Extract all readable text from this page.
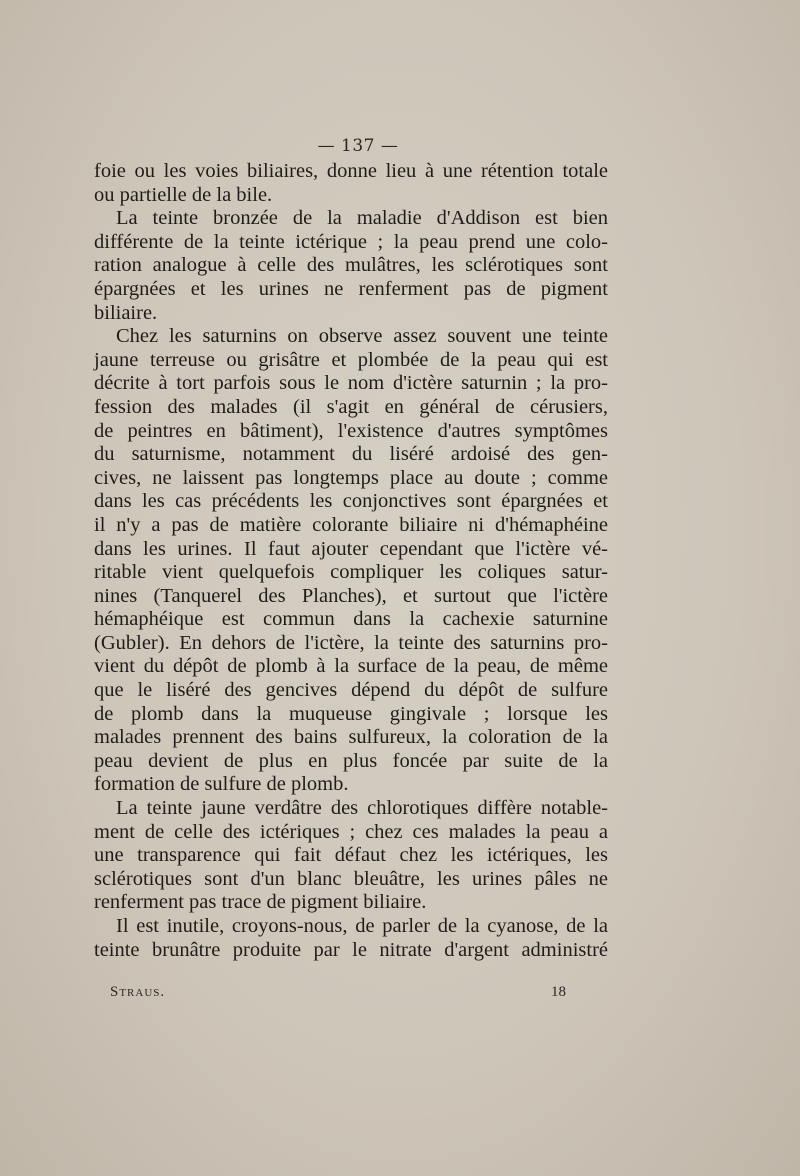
— 137 —
foie ou les voies biliaires, donne lieu à une rétention totale
ou partielle de la bile.
La teinte bronzée de la maladie d'Addison est bien
différente de la teinte ictérique ; la peau prend une colo-
ration analogue à celle des mulâtres, les sclérotiques sont
épargnées et les urines ne renferment pas de pigment
biliaire.
Chez les saturnins on observe assez souvent une teinte
jaune terreuse ou grisâtre et plombée de la peau qui est
décrite à tort parfois sous le nom d'ictère saturnin ; la pro-
fession des malades (il s'agit en général de cérusiers,
de peintres en bâtiment), l'existence d'autres symptômes
du saturnisme, notamment du liséré ardoisé des gen-
cives, ne laissent pas longtemps place au doute ; comme
dans les cas précédents les conjonctives sont épargnées et
il n'y a pas de matière colorante biliaire ni d'hémaphéine
dans les urines. Il faut ajouter cependant que l'ictère vé-
ritable vient quelquefois compliquer les coliques satur-
nines (Tanquerel des Planches), et surtout que l'ictère
hémaphéique est commun dans la cachexie saturnine
(Gubler). En dehors de l'ictère, la teinte des saturnins pro-
vient du dépôt de plomb à la surface de la peau, de même
que le liséré des gencives dépend du dépôt de sulfure
de plomb dans la muqueuse gingivale ; lorsque les
malades prennent des bains sulfureux, la coloration de la
peau devient de plus en plus foncée par suite de la
formation de sulfure de plomb.
La teinte jaune verdâtre des chlorotiques diffère notable-
ment de celle des ictériques ; chez ces malades la peau a
une transparence qui fait défaut chez les ictériques, les
sclérotiques sont d'un blanc bleuâtre, les urines pâles ne
renferment pas trace de pigment biliaire.
Il est inutile, croyons-nous, de parler de la cyanose, de la
teinte brunâtre produite par le nitrate d'argent administré
Straus.	18
